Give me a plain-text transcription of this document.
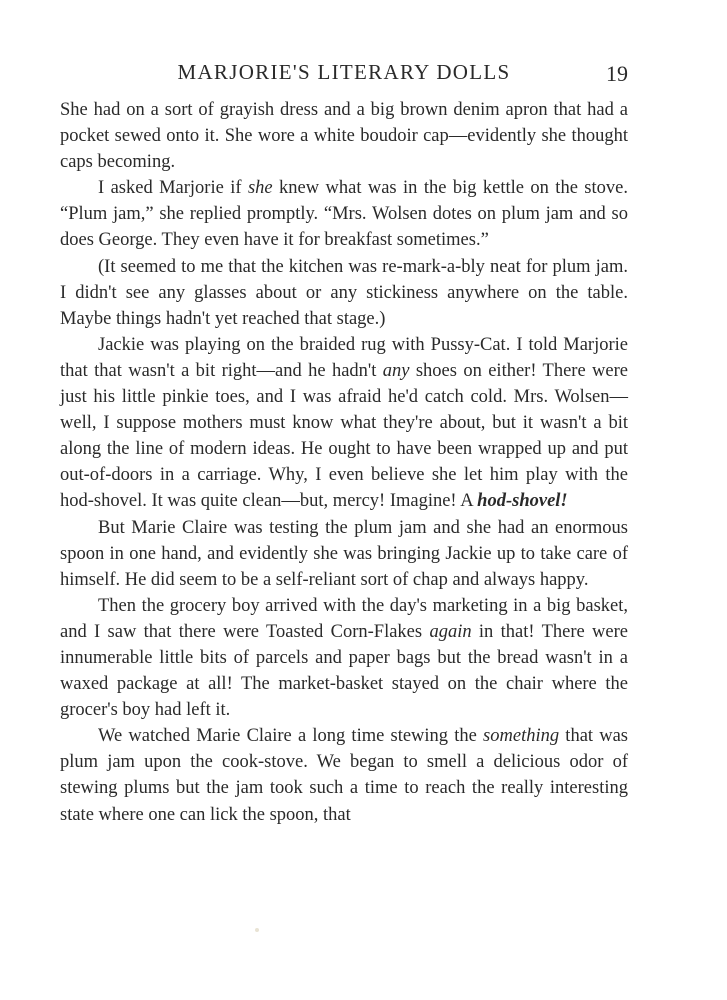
MARJORIE'S LITERARY DOLLS	19

She had on a sort of grayish dress and a big brown denim apron that had a pocket sewed onto it. She wore a white boudoir cap—evidently she thought caps becoming.

I asked Marjorie if she knew what was in the big kettle on the stove. “Plum jam,” she replied promptly. “Mrs. Wolsen dotes on plum jam and so does George. They even have it for breakfast sometimes.”

(It seemed to me that the kitchen was re-mark-a-bly neat for plum jam. I didn't see any glasses about or any stickiness anywhere on the table. Maybe things hadn't yet reached that stage.)

Jackie was playing on the braided rug with Pussy-Cat. I told Marjorie that that wasn't a bit right—and he hadn't any shoes on either! There were just his little pinkie toes, and I was afraid he'd catch cold. Mrs. Wolsen—well, I suppose mothers must know what they're about, but it wasn't a bit along the line of modern ideas. He ought to have been wrapped up and put out-of-doors in a carriage. Why, I even believe she let him play with the hod-shovel. It was quite clean—but, mercy! Imagine! A hod-shovel!

But Marie Claire was testing the plum jam and she had an enormous spoon in one hand, and evidently she was bringing Jackie up to take care of himself. He did seem to be a self-reliant sort of chap and always happy.

Then the grocery boy arrived with the day's marketing in a big basket, and I saw that there were Toasted Corn-Flakes again in that! There were innumerable little bits of parcels and paper bags but the bread wasn't in a waxed package at all! The market-basket stayed on the chair where the grocer's boy had left it.

We watched Marie Claire a long time stewing the something that was plum jam upon the cook-stove. We began to smell a delicious odor of stewing plums but the jam took such a time to reach the really interesting state where one can lick the spoon, that
